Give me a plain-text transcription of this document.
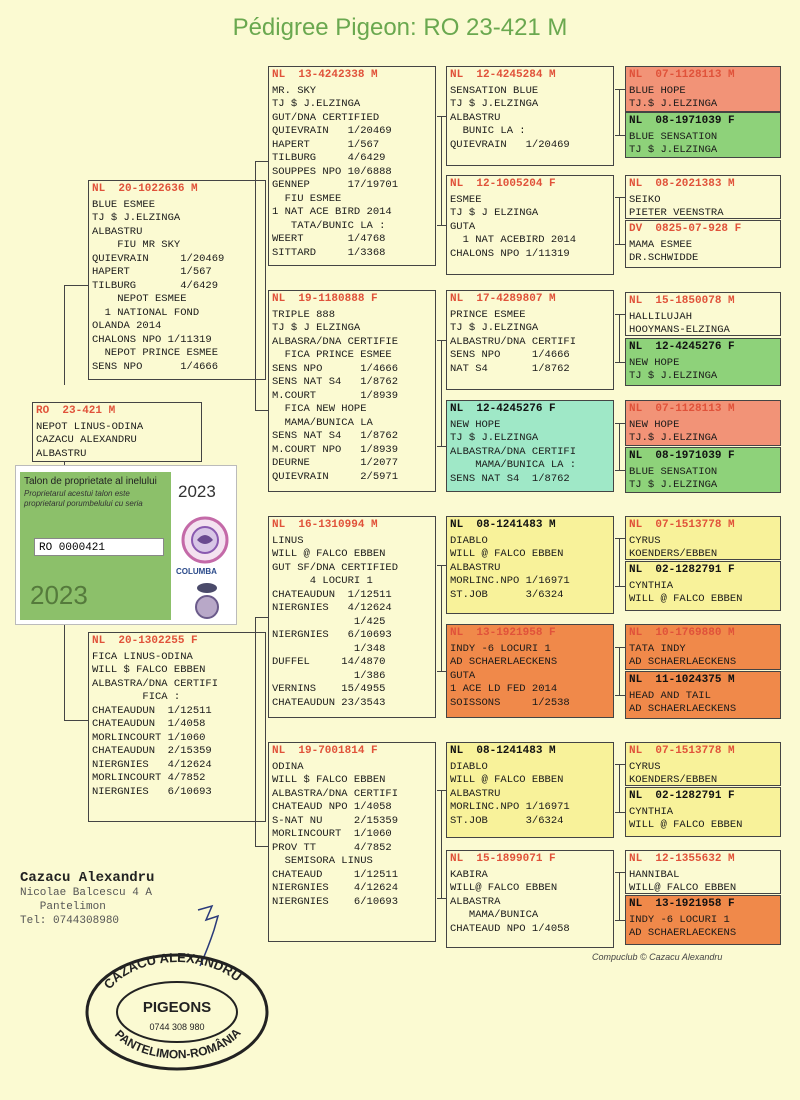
Pédigree Pigeon: RO 23-421 M
RO  23-421 M
NEPOT LINUS-ODINA
CAZACU ALEXANDRU
ALBASTRU
NL  20-1022636 M
BLUE ESMEE
TJ $ J.ELZINGA
ALBASTRU
FIU MR SKY
QUIEVRAIN     1/20469
HAPERT        1/567
TILBURG       4/6429
NEPOT ESMEE
1 NATIONAL FOND
OLANDA 2014
CHALONS NPO 1/11319
NEPOT PRINCE ESMEE
SENS NPO      1/4666
NL  20-1302255 F
FICA LINUS-ODINA
WILL $ FALCO EBBEN
ALBASTRA/DNA CERTIFI
FICA :
CHATEAUDUN  1/12511
CHATEAUDUN  1/4058
MORLINCOURT 1/1060
CHATEAUDUN  2/15359
NIERGNIES   4/12624
MORLINCOURT 4/7852
NIERGNIES   6/10693
NL  13-4242338 M
MR. SKY
TJ $ J.ELZINGA
GUT/DNA CERTIFIED
QUIEVRAIN   1/20469
HAPERT      1/567
TILBURG     4/6429
SOUPPES NPO 10/6888
GENNEP      17/19701
FIU ESMEE
1 NAT ACE BIRD 2014
TATA/BUNIC LA :
WEERT       1/4768
SITTARD     1/3368
NL  19-1180888 F
TRIPLE 888
TJ $ J ELZINGA
ALBASRA/DNA CERTIFIE
FICA PRINCE ESMEE
SENS NPO      1/4666
SENS NAT S4   1/8762
M.COURT       1/8939
FICA NEW HOPE
MAMA/BUNICA LA
SENS NAT S4   1/8762
M.COURT NPO   1/8939
DEURNE        1/2077
QUIEVRAIN     2/5971
NL  16-1310994 M
LINUS
WILL @ FALCO EBBEN
GUT SF/DNA CERTIFIED
4 LOCURI 1
CHATEAUDUN  1/12511
NIERGNIES   4/12624
1/425
NIERGNIES   6/10693
1/348
DUFFEL     14/4870
1/386
VERNINS    15/4955
CHATEAUDUN 23/3543
NL  19-7001814 F
ODINA
WILL $ FALCO EBBEN
ALBASTRA/DNA CERTIFI
CHATEAUD NPO 1/4058
S-NAT NU     2/15359
MORLINCOURT  1/1060
PROV TT      4/7852
SEMISORA LINUS
CHATEAUD     1/12511
NIERGNIES    4/12624
NIERGNIES    6/10693
NL  12-4245284 M
SENSATION BLUE
TJ $ J.ELZINGA
ALBASTRU
BUNIC LA :
QUIEVRAIN   1/20469
NL  12-1005204 F
ESMEE
TJ $ J ELZINGA
GUTA
1 NAT ACEBIRD 2014
CHALONS NPO 1/11319
NL  17-4289807 M
PRINCE ESMEE
TJ $ J.ELZINGA
ALBASTRU/DNA CERTIFI
SENS NPO     1/4666
NAT S4       1/8762
NL  12-4245276 F
NEW HOPE
TJ $ J.ELZINGA
ALBASTRA/DNA CERTIFI
MAMA/BUNICA LA :
SENS NAT S4  1/8762
NL  08-1241483 M
DIABLO
WILL @ FALCO EBBEN
ALBASTRU
MORLINC.NPO 1/16971
ST.JOB      3/6324
NL  13-1921958 F
INDY -6 LOCURI 1
AD SCHAERLAECKENS
GUTA
1 ACE LD FED 2014
SOISSONS     1/2538
NL  08-1241483 M
DIABLO
WILL @ FALCO EBBEN
ALBASTRU
MORLINC.NPO 1/16971
ST.JOB      3/6324
NL  15-1899071 F
KABIRA
WILL@ FALCO EBBEN
ALBASTRA
MAMA/BUNICA
CHATEAUD NPO 1/4058
NL  07-1128113 M
BLUE HOPE
TJ.$ J.ELZINGA
NL  08-1971039 F
BLUE SENSATION
TJ $ J.ELZINGA
NL  08-2021383 M
SEIKO
PIETER VEENSTRA
DV  0825-07-928 F
MAMA ESMEE
DR.SCHWIDDE
NL  15-1850078 M
HALLILUJAH
HOOYMANS-ELZINGA
NL  12-4245276 F
NEW HOPE
TJ $ J.ELZINGA
NL  07-1128113 M
NEW HOPE
TJ.$ J.ELZINGA
NL  08-1971039 F
BLUE SENSATION
TJ $ J.ELZINGA
NL  07-1513778 M
CYRUS
KOENDERS/EBBEN
NL  02-1282791 F
CYNTHIA
WILL @ FALCO EBBEN
NL  10-1769880 M
TATA INDY
AD SCHAERLAECKENS
NL  11-1024375 M
HEAD AND TAIL
AD SCHAERLAECKENS
NL  07-1513778 M
CYRUS
KOENDERS/EBBEN
NL  02-1282791 F
CYNTHIA
WILL @ FALCO EBBEN
NL  12-1355632 M
HANNIBAL
WILL@ FALCO EBBEN
NL  13-1921958 F
INDY -6 LOCURI 1
AD SCHAERLAECKENS
Talon de proprietate al inelului
Proprietarul acestui talon este proprietarul porumbelului cu seria
RO 0000421
2023
2023
COLUMBA
Cazacu Alexandru
Nicolae Balcescu 4 A
Pantelimon
Tel: 0744308980
CAZACU ALEXANDRU
PIGEONS
0744 308 980
PANTELIMON-ROMÂNIA
Compuclub © Cazacu Alexandru
